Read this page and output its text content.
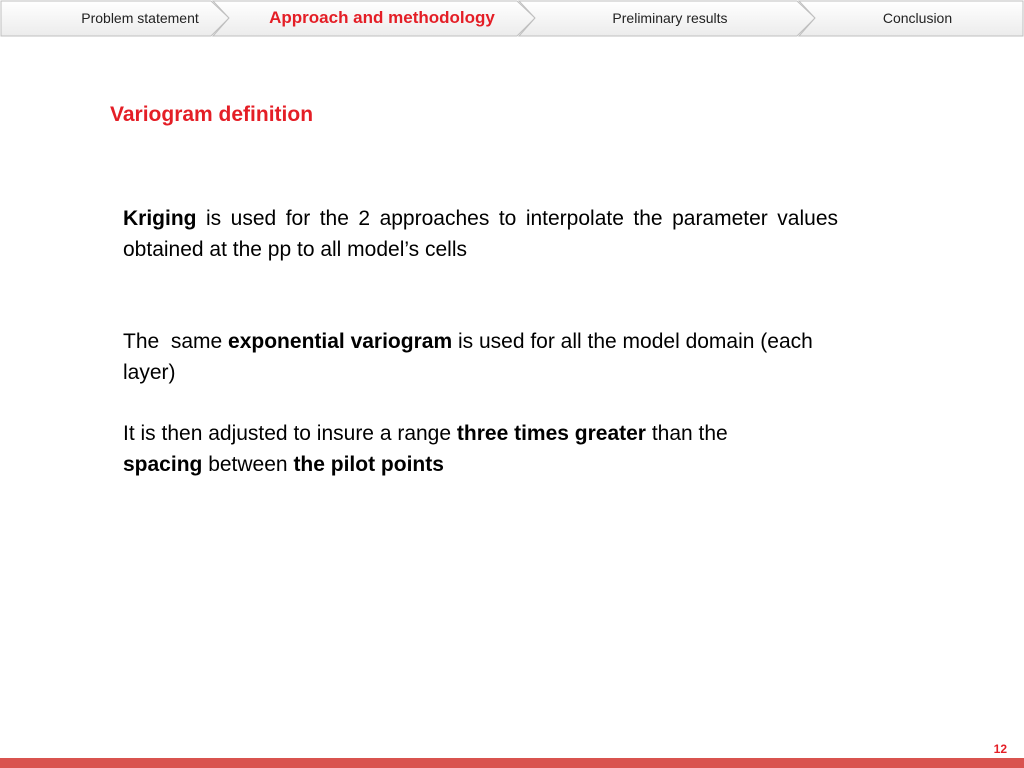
Problem statement	Approach and methodology	Preliminary results	Conclusion
Variogram definition
Kriging is used for the 2 approaches to interpolate the parameter values obtained at the pp to all model’s cells
The  same exponential variogram is used for all the model domain (each layer)
It is then adjusted to insure a range three times greater than the
spacing between the pilot points
12
